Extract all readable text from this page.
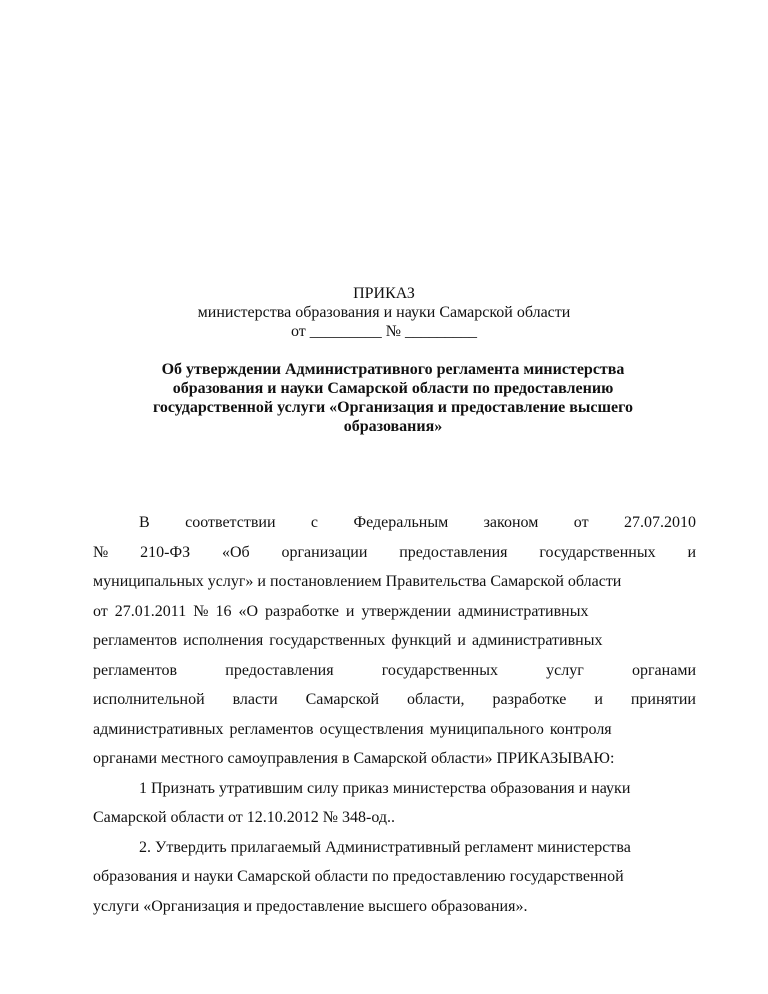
ПРИКАЗ
министерства образования и науки Самарской области
от _________ № _________
Об утверждении Административного регламента министерства
образования и науки Самарской области по предоставлению
государственной услуги «Организация и предоставление высшего
образования»
В соответствии с Федеральным законом от 27.07.2010
№ 210-ФЗ «Об организации предоставления государственных и
муниципальных услуг» и постановлением Правительства Самарской области
от 27.01.2011 № 16 «О разработке и утверждении административных
регламентов исполнения государственных функций и административных
регламентов	предоставления	государственных	услуг	органами
исполнительной власти Самарской области, разработке и принятии
административных регламентов осуществления муниципального контроля
органами местного самоуправления в Самарской области» ПРИКАЗЫВАЮ:
1 Признать утратившим силу приказ министерства образования и науки
Самарской области от 12.10.2012 № 348-од..
2. Утвердить прилагаемый Административный регламент министерства
образования и науки Самарской области по предоставлению государственной
услуги «Организация и предоставление высшего образования».
